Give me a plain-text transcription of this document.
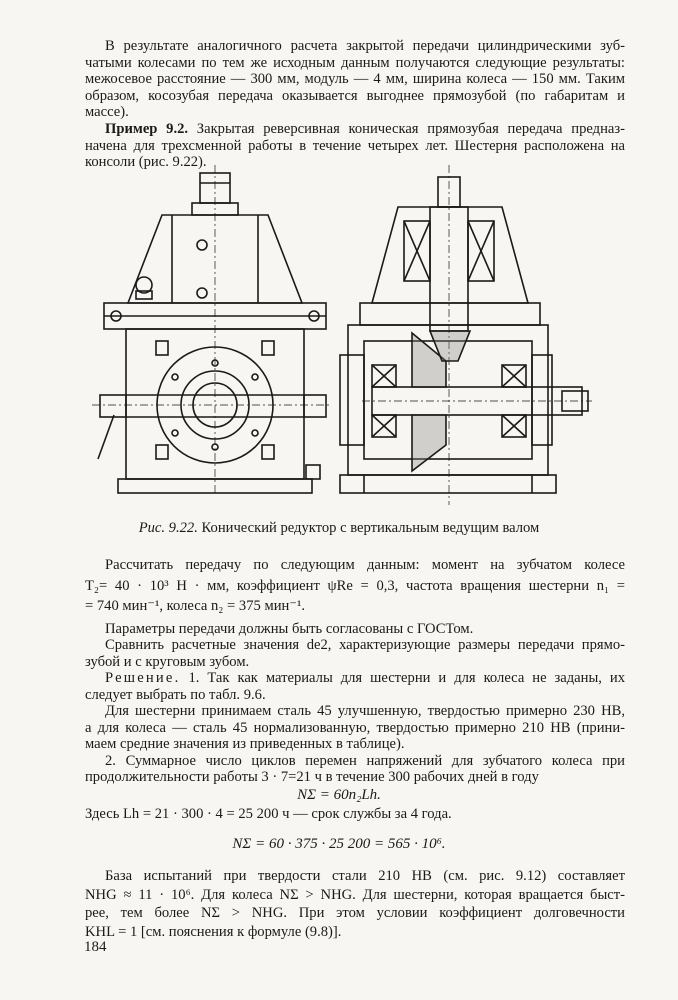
В результате аналогичного расчета закрытой передачи цилиндрическими зуб-
чатыми колесами по тем же исходным данным получаются следующие результаты:
межосевое расстояние — 300 мм, модуль — 4 мм, ширина колеса — 150 мм. Таким
образом, косозубая передача оказывается выгоднее прямозубой (по габаритам и
массе).
Пример 9.2. Закрытая реверсивная коническая прямозубая передача предназ-
начена для трехсменной работы в течение четырех лет. Шестерня расположена на
консоли (рис. 9.22).
Рис. 9.22. Конический редуктор с вертикальным ведущим валом
Рассчитать передачу по следующим данным: момент на зубчатом колесе
T₂= 40 · 10³ Н · мм, коэффициент ψRe = 0,3, частота вращения шестерни n₁ =
= 740 мин⁻¹, колеса n₂ = 375 мин⁻¹.
Параметры передачи должны быть согласованы с ГОСТом.
Сравнить расчетные значения de2, характеризующие размеры передачи прямо-
зубой и с круговым зубом.
Решение. 1. Так как материалы для шестерни и для колеса не заданы, их
следует выбрать по табл. 9.6.
Для шестерни принимаем сталь 45 улучшенную, твердостью примерно 230 НВ,
а для колеса — сталь 45 нормализованную, твердостью примерно 210 НВ (прини-
маем средние значения из приведенных в таблице).
2. Суммарное число циклов перемен напряжений для зубчатого колеса при
продолжительности работы 3 · 7=21 ч в течение 300 рабочих дней в году
NΣ = 60n₂Lh.
Здесь Lh = 21 · 300 · 4 = 25 200 ч — срок службы за 4 года.
NΣ = 60 · 375 · 25 200 = 565 · 10⁶.
База испытаний при твердости стали 210 НВ (см. рис. 9.12) составляет
NHG ≈ 11 · 10⁶. Для колеса NΣ > NHG. Для шестерни, которая вращается быст-
рее, тем более NΣ > NHG. При этом условии коэффициент долговечности
KHL = 1 [см. пояснения к формуле (9.8)].
184
